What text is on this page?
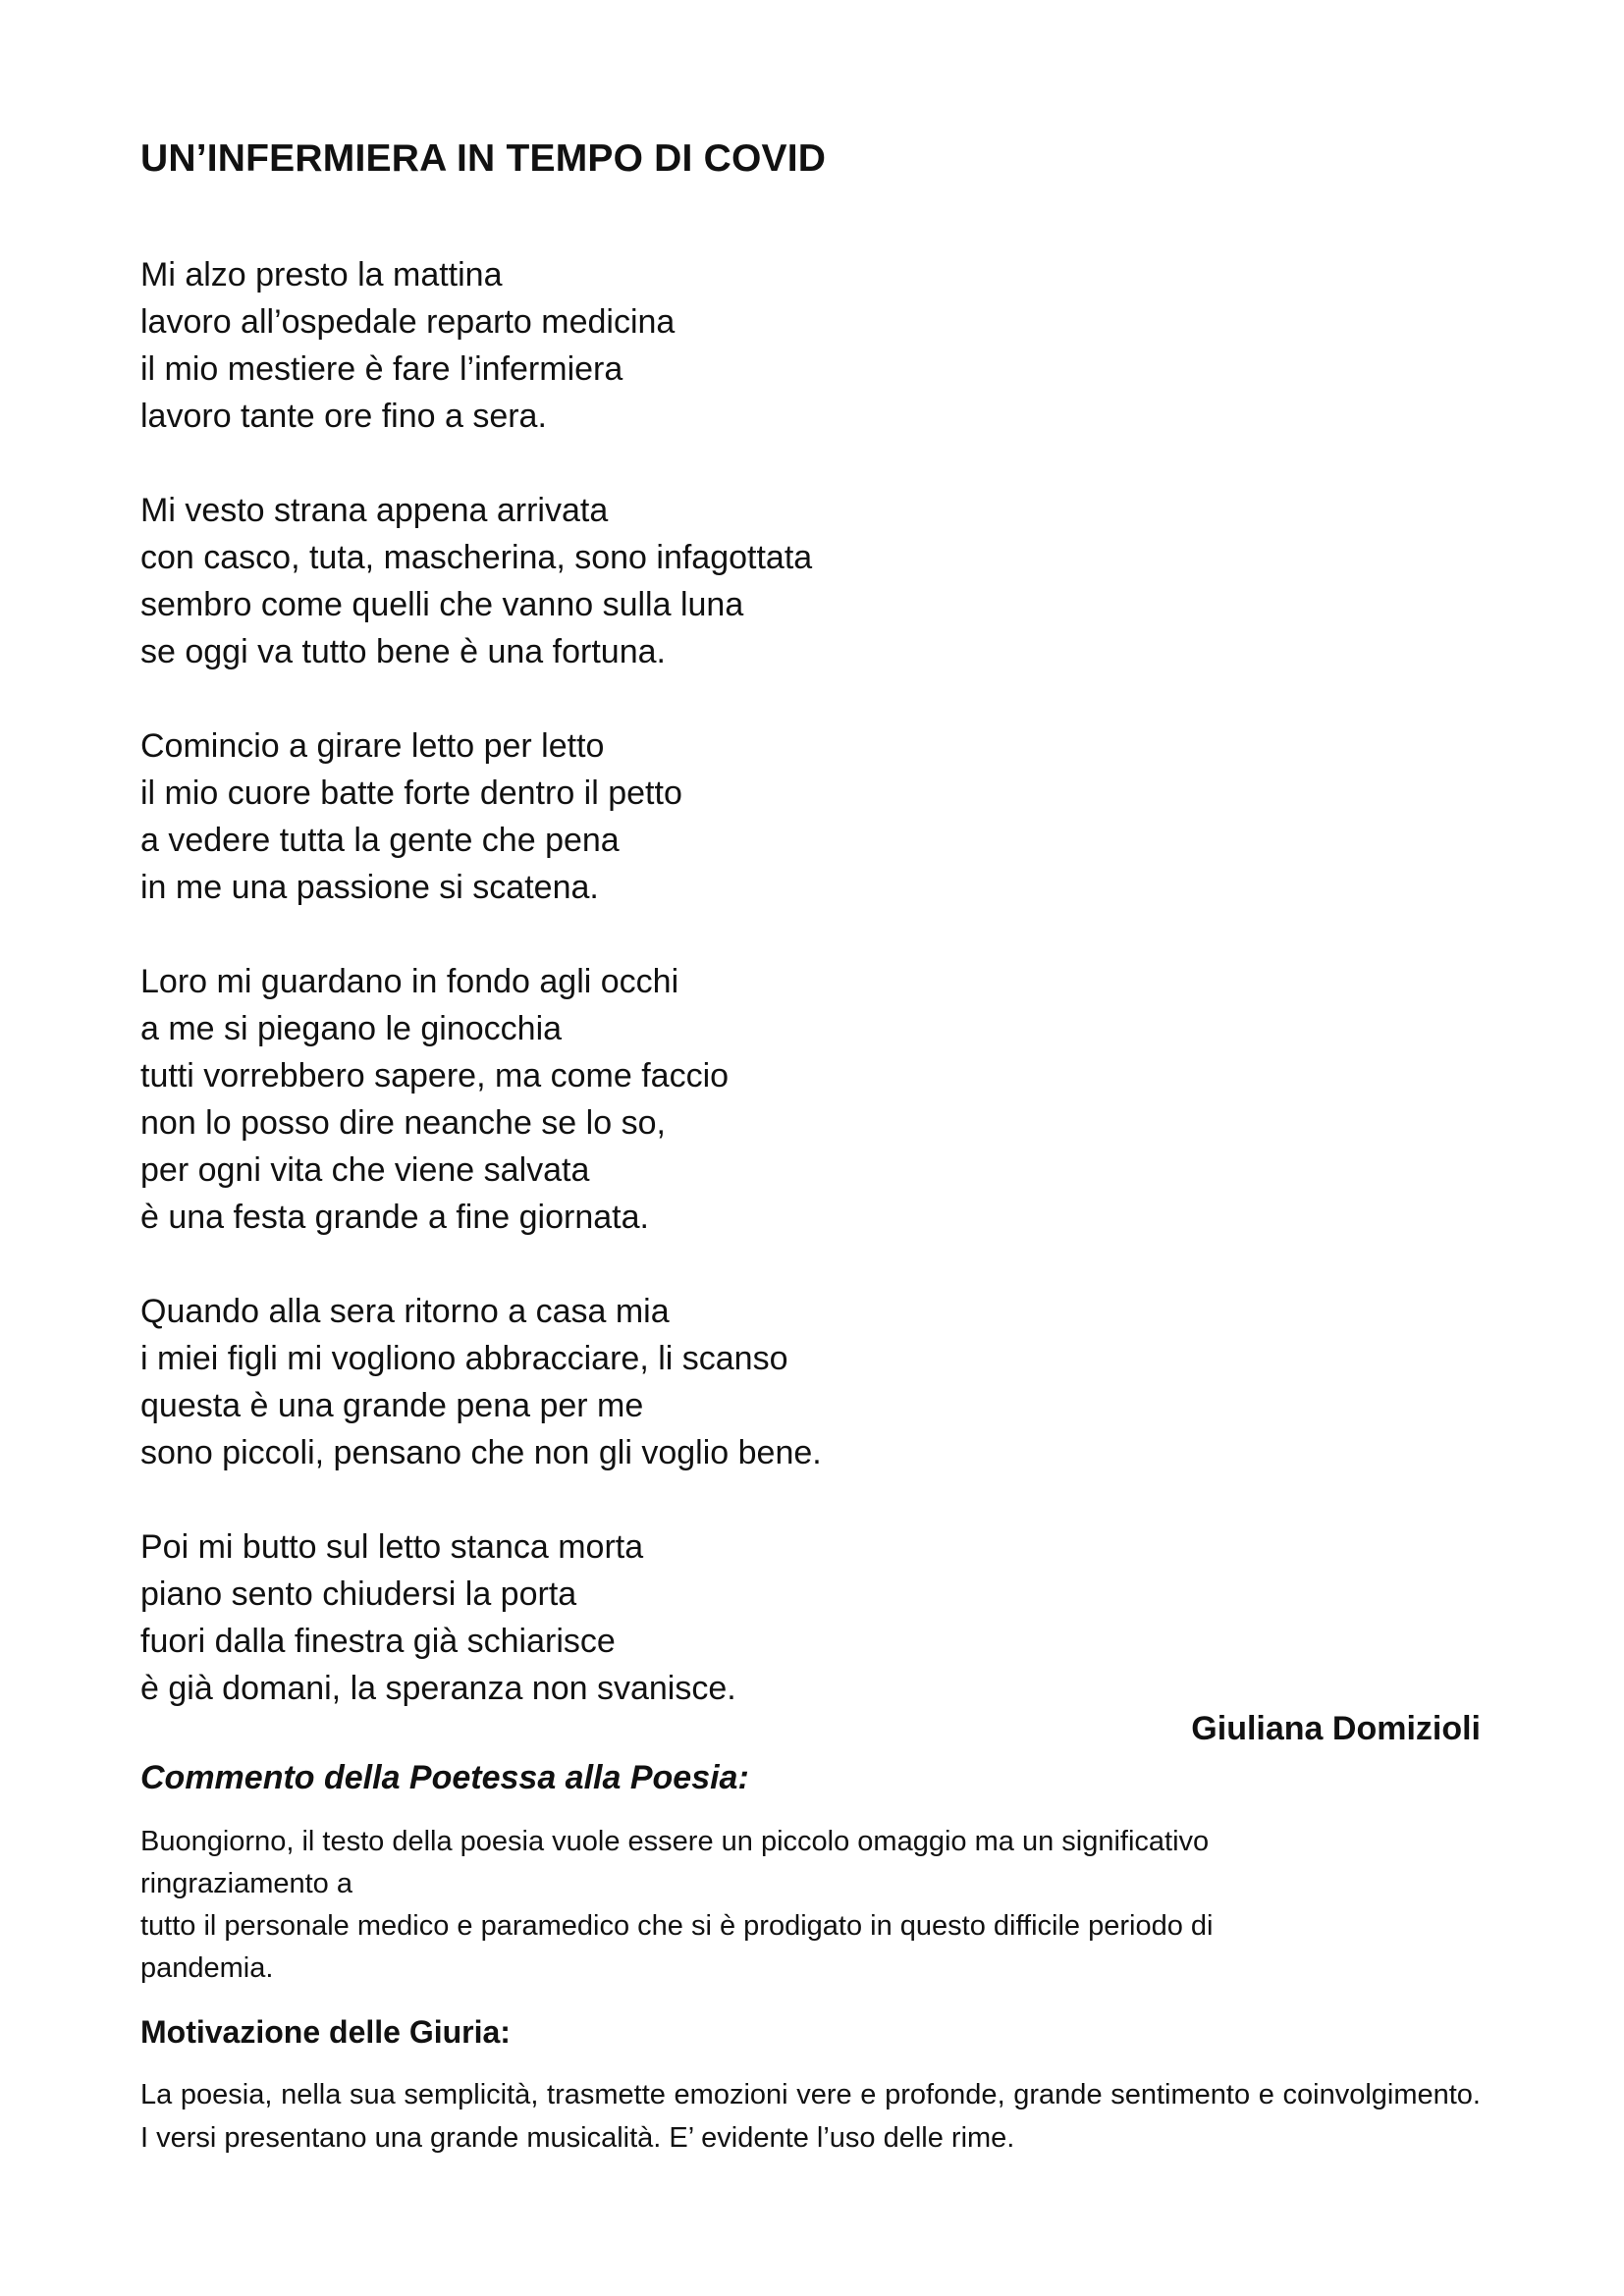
UN’INFERMIERA IN TEMPO DI COVID
Mi alzo presto la mattina
lavoro all’ospedale reparto medicina
il mio mestiere è fare l’infermiera
lavoro tante ore fino a sera.
Mi vesto strana appena arrivata
con casco, tuta, mascherina, sono infagottata
sembro come quelli che vanno sulla luna
se oggi va tutto bene è una fortuna.
Comincio a girare letto per letto
il mio cuore batte forte dentro il petto
a vedere tutta la gente che pena
in me una passione si scatena.
Loro mi guardano in fondo agli occhi
a me si piegano le ginocchia
tutti vorrebbero sapere, ma come faccio
non lo posso dire neanche se lo so,
per ogni vita che viene salvata
è una festa grande a fine giornata.
Quando alla sera ritorno a casa mia
i miei figli mi vogliono abbracciare, li scanso
questa è una grande pena per me
sono piccoli, pensano che non gli voglio bene.
Poi mi butto sul letto stanca morta
piano sento chiudersi la porta
fuori dalla finestra già schiarisce
è già domani, la speranza non svanisce.

Giuliana Domizioli

Commento della Poetessa alla Poesia:
Buongiorno, il testo della poesia vuole essere un piccolo omaggio ma un significativo
ringraziamento a
tutto il personale medico e paramedico che si è prodigato in questo difficile periodo di
pandemia.
Motivazione delle Giuria:

La poesia, nella sua semplicità, trasmette emozioni vere e profonde, grande sentimento e coinvolgimento. I versi presentano una grande musicalità. E’ evidente l’uso delle rime.
